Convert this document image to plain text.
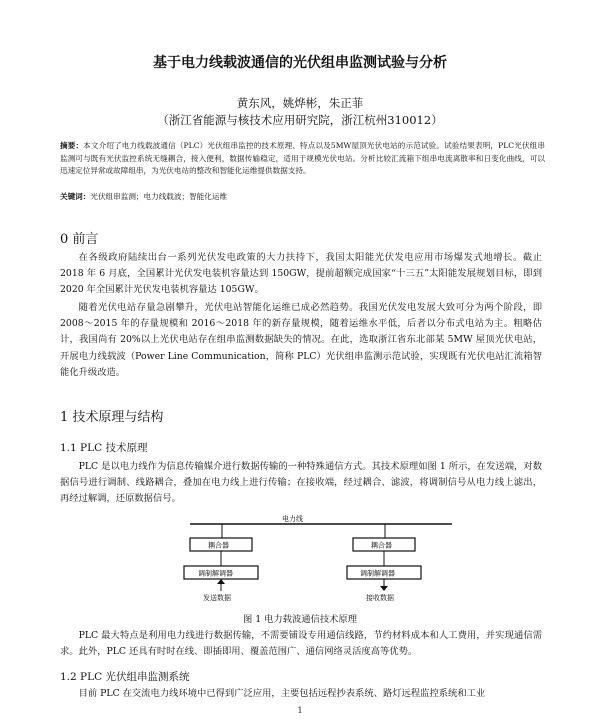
基于电力线载波通信的光伏组串监测试验与分析
黄东风，姚烨彬，朱正菲
（浙江省能源与核技术应用研究院，浙江杭州310012）
摘要：本文介绍了电力线载波通信（PLC）光伏组串监控的技术原理、特点以及5MW屋顶光伏电站的示范试验。试验结果表明，PLC光伏组串监测可与既有光伏监控系统无缝耦合，接入便利，数据传输稳定，适用于规模光伏电站。分析比较汇流箱下组串电流离散率和日变化曲线，可以迅速定位异常或故障组串，为光伏电站的整改和智能化运维提供数据支持。
关键词：光伏组串监测；电力线载波；智能化运维
0 前言

在各级政府陆续出台一系列光伏发电政策的大力扶持下，我国太阳能光伏发电应用市场爆发式地增长。截止 2018 年 6 月底，全国累计光伏发电装机容量达到 150GW，提前超额完成国家“十三五”太阳能发展规划目标，即到 2020 年全国累计光伏发电装机容量达 105GW。

随着光伏电站存量急剧攀升，光伏电站智能化运维已成必然趋势。我国光伏发电发展大致可分为两个阶段，即 2008～2015 年的存量规模和 2016～2018 年的新存量规模，随着运维水平低，后者以分布式电站为主。粗略估计，我国尚有 20%以上光伏电站存在组串监测数据缺失的情况。在此，选取浙江省东北部某 5MW 屋顶光伏电站，开展电力线载波（Power Line Communication，简称 PLC）光伏组串监测示范试验，实现既有光伏电站汇流箱智能化升级改造。

1 技术原理与结构
1.1 PLC 技术原理

PLC 是以电力线作为信息传输媒介进行数据传输的一种特殊通信方式。其技术原理如图 1 所示，在发送端，对数据信号进行调制、线路耦合，叠加在电力线上进行传输；在接收端，经过耦合、滤波，将调制信号从电力线上滤出，再经过解调，还原数据信号。

电力线
耦合器	耦合器
调制解调器	调制解调器
发送数据	接收数据
图 1 电力载波通信技术原理

PLC 最大特点是利用电力线进行数据传输，不需要铺设专用通信线路，节约材料成本和人工费用，并实现通信需求。此外，PLC 还具有时时在线、即插即用、覆盖范围广、通信网络灵活度高等优势。

1.2 PLC 光伏组串监测系统

目前 PLC 在交流电力线环境中已得到广泛应用，主要包括远程抄表系统、路灯远程监控系统和工业

1
